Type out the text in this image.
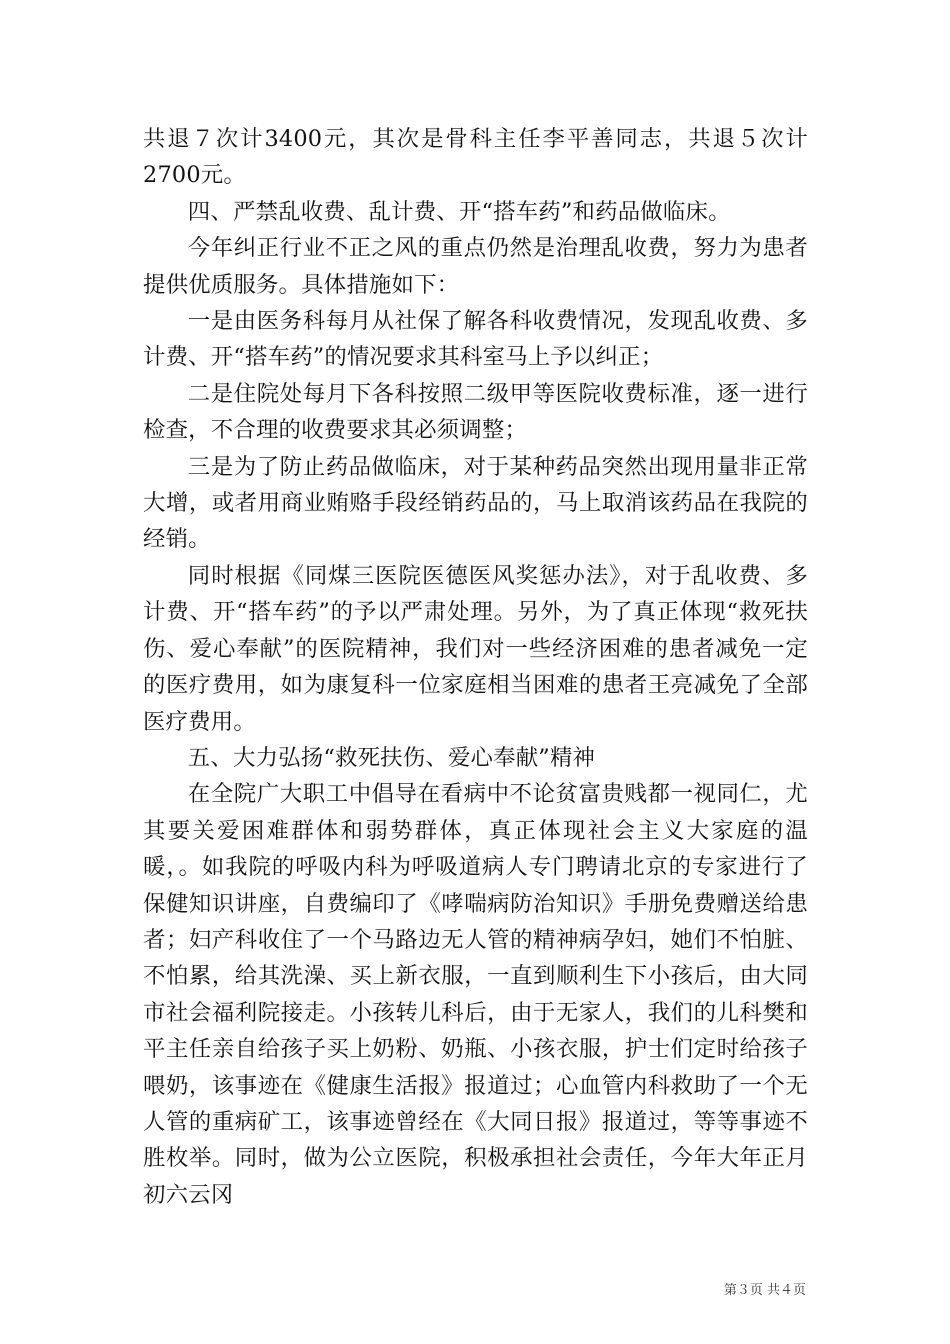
共退７次计3400元，其次是骨科主任李平善同志，共退５次计2700元。

四、严禁乱收费、乱计费、开“搭车药”和药品做临床。

今年纠正行业不正之风的重点仍然是治理乱收费，努力为患者提供优质服务。具体措施如下：

一是由医务科每月从社保了解各科收费情况，发现乱收费、多计费、开“搭车药”的情况要求其科室马上予以纠正；

二是住院处每月下各科按照二级甲等医院收费标准，逐一进行检查，不合理的收费要求其必须调整；

三是为了防止药品做临床，对于某种药品突然出现用量非正常大增，或者用商业贿赂手段经销药品的，马上取消该药品在我院的经销。

同时根据《同煤三医院医德医风奖惩办法》，对于乱收费、多计费、开“搭车药”的予以严肃处理。另外，为了真正体现“救死扶伤、爱心奉献”的医院精神，我们对一些经济困难的患者减免一定的医疗费用，如为康复科一位家庭相当困难的患者王亮减免了全部医疗费用。

五、大力弘扬“救死扶伤、爱心奉献”精神

在全院广大职工中倡导在看病中不论贫富贵贱都一视同仁，尤其要关爱困难群体和弱势群体，真正体现社会主义大家庭的温暖，。如我院的呼吸内科为呼吸道病人专门聘请北京的专家进行了保健知识讲座，自费编印了《哮喘病防治知识》手册免费赠送给患者；妇产科收住了一个马路边无人管的精神病孕妇，她们不怕脏、不怕累，给其洗澡、买上新衣服，一直到顺利生下小孩后，由大同市社会福利院接走。小孩转儿科后，由于无家人，我们的儿科樊和平主任亲自给孩子买上奶粉、奶瓶、小孩衣服，护士们定时给孩子喂奶，该事迹在《健康生活报》报道过；心血管内科救助了一个无人管的重病矿工，该事迹曾经在《大同日报》报道过，等等事迹不胜枚举。同时，做为公立医院，积极承担社会责任，今年大年正月初六云冈

第３页 共４页
